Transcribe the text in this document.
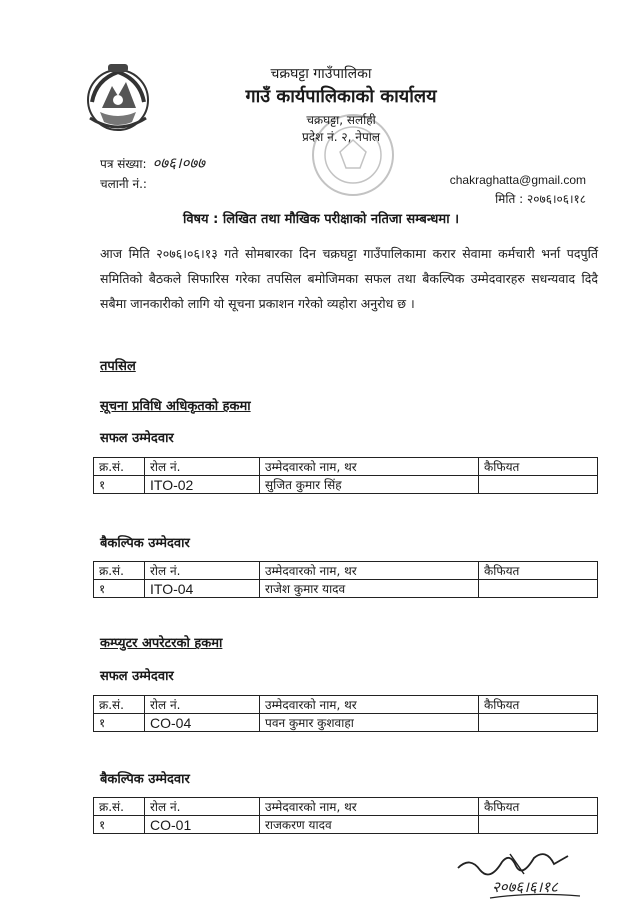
चक्रघट्टा गाउँपालिका
गाउँ कार्यपालिकाको कार्यालय
चक्रघट्टा, सर्लाही
प्रदेश नं. २, नेपाल
पत्र संख्या: ०७६।०७७
चलानी नं.:	chakraghatta@gmail.com
मिति : २०७६।०६।१८
विषय : लिखित तथा मौखिक परीक्षाको नतिजा सम्बन्धमा ।
आज मिति २०७६।०६।१३ गते सोमबारका दिन चक्रघट्टा गाउँपालिकामा करार सेवामा कर्मचारी भर्ना पदपुर्ति समितिको बैठकले सिफारिस गरेका तपसिल बमोजिमका सफल तथा बैकल्पिक उम्मेदवारहरु सधन्यवाद दिदै सबैमा जानकारीको लागि यो सूचना प्रकाशन गरेको व्यहोरा अनुरोध छ ।
तपसिल
सूचना प्रविधि अधिकृतको हकमा
सफल उम्मेदवार
क्र.सं.	रोल नं.	उम्मेदवारको नाम, थर	कैफियत
१	ITO-02	सुजित कुमार सिंह	
बैकल्पिक उम्मेदवार
क्र.सं.	रोल नं.	उम्मेदवारको नाम, थर	कैफियत
१	ITO-04	राजेश कुमार यादव	
कम्प्युटर अपरेटरको हकमा
सफल उम्मेदवार
क्र.सं.	रोल नं.	उम्मेदवारको नाम, थर	कैफियत
१	CO-04	पवन कुमार कुशवाहा	
बैकल्पिक उम्मेदवार
क्र.सं.	रोल नं.	उम्मेदवारको नाम, थर	कैफियत
१	CO-01	राजकरण यादव	
२०७६।६।१८
